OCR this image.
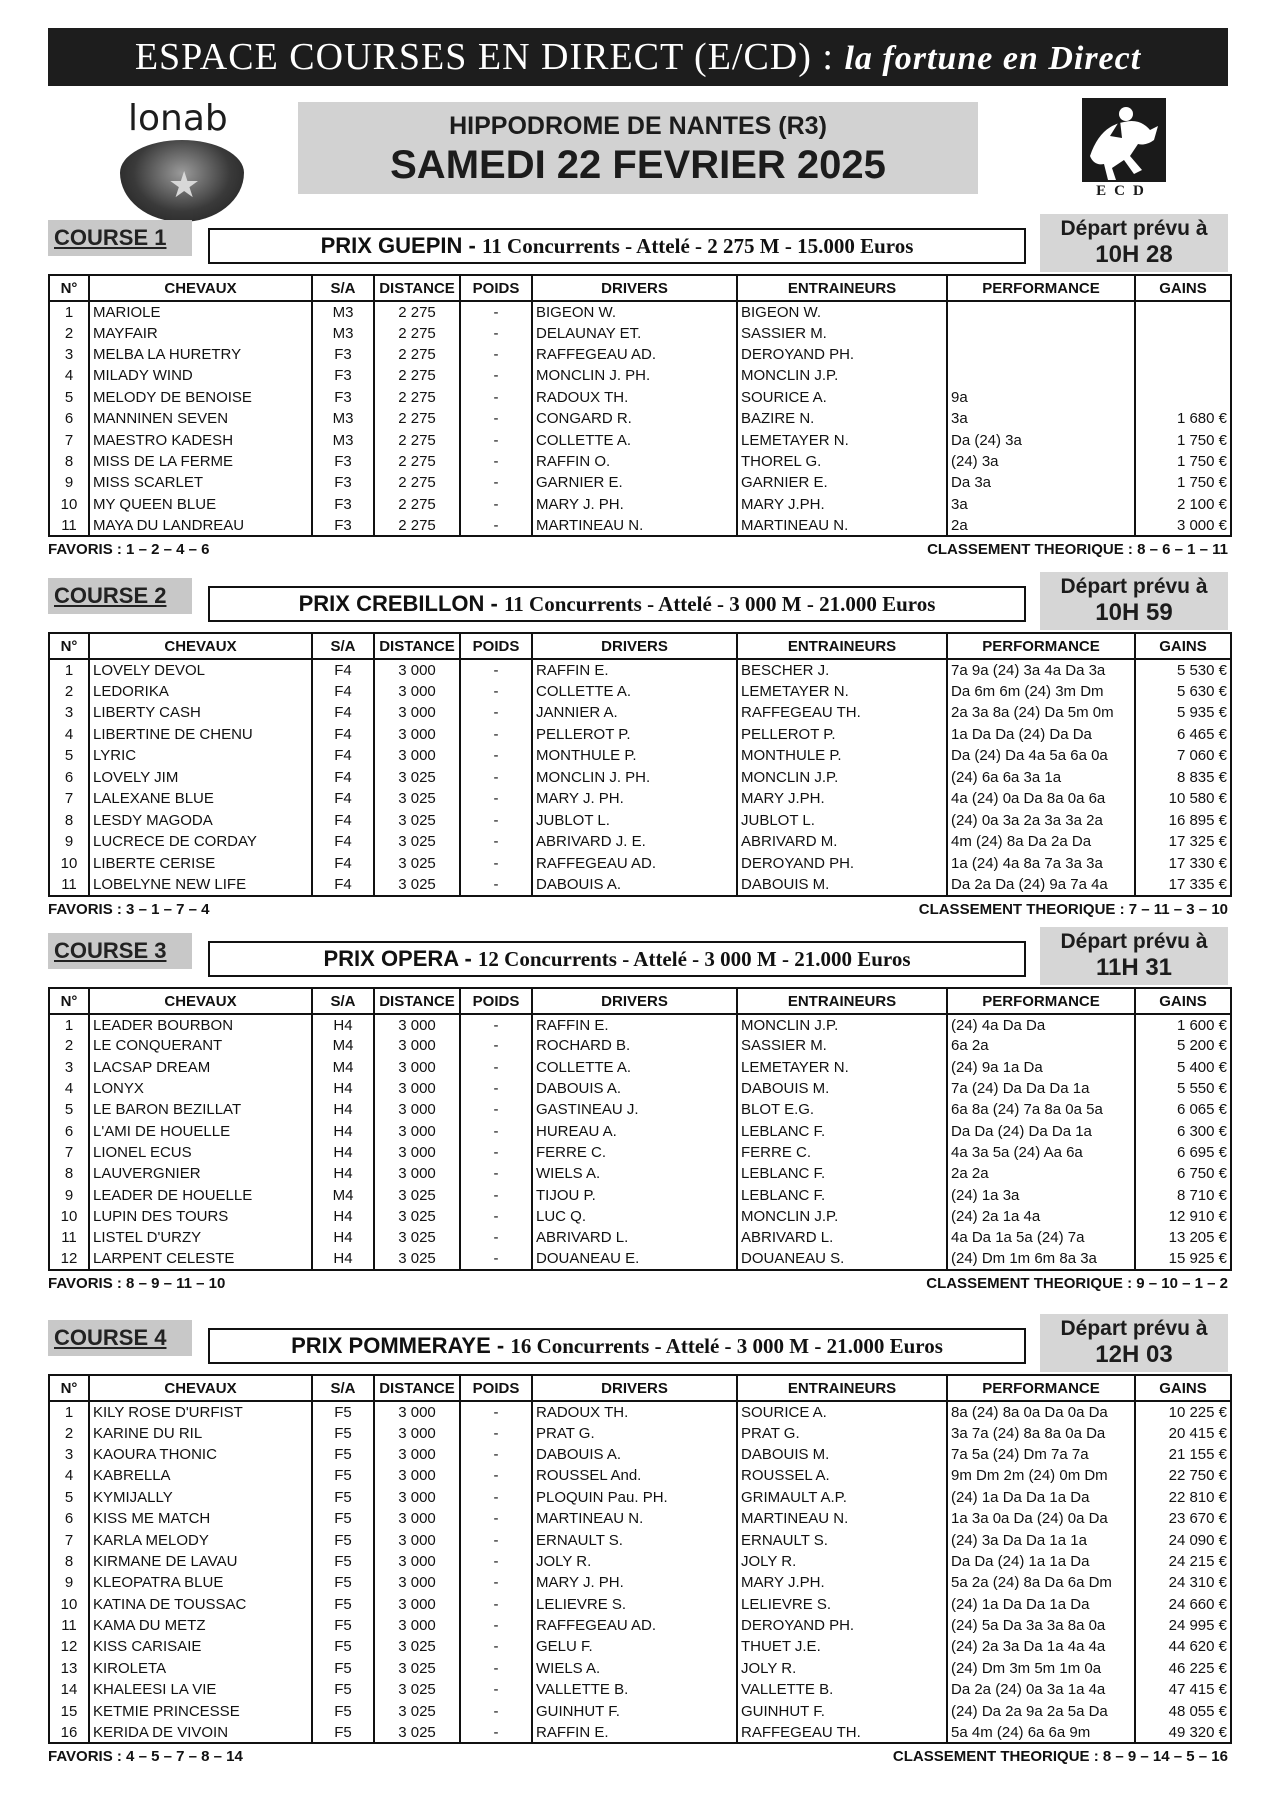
ESPACE COURSES EN DIRECT (E/CD) : la fortune en Direct
lonab
★
HIPPODROME DE NANTES (R3)
SAMEDI 22 FEVRIER 2025
ECD
COURSE 1	PRIX GUEPIN - 11 Concurrents - Attelé - 2 275 M - 15.000 Euros
Départ prévu à
10H 28
N°	CHEVAUX	S/A	DISTANCE	POIDS	DRIVERS	ENTRAINEURS	PERFORMANCE	GAINS
1	MARIOLE	M3	2 275	-	BIGEON W.	BIGEON W.		
2	MAYFAIR	M3	2 275	-	DELAUNAY ET.	SASSIER M.		
3	MELBA LA HURETRY	F3	2 275	-	RAFFEGEAU AD.	DEROYAND PH.		
4	MILADY WIND	F3	2 275	-	MONCLIN J. PH.	MONCLIN J.P.		
5	MELODY DE BENOISE	F3	2 275	-	RADOUX TH.	SOURICE A.	9a	
6	MANNINEN SEVEN	M3	2 275	-	CONGARD R.	BAZIRE N.	3a	1 680 €
7	MAESTRO KADESH	M3	2 275	-	COLLETTE A.	LEMETAYER N.	Da (24) 3a	1 750 €
8	MISS DE LA FERME	F3	2 275	-	RAFFIN O.	THOREL G.	(24) 3a	1 750 €
9	MISS SCARLET	F3	2 275	-	GARNIER E.	GARNIER E.	Da 3a	1 750 €
10	MY QUEEN BLUE	F3	2 275	-	MARY J. PH.	MARY J.PH.	3a	2 100 €
11	MAYA DU LANDREAU	F3	2 275	-	MARTINEAU N.	MARTINEAU N.	2a	3 000 €
FAVORIS : 1 – 2 – 4 – 6	CLASSEMENT THEORIQUE : 8 – 6 – 1 – 11
COURSE 2	PRIX CREBILLON - 11 Concurrents - Attelé - 3 000 M - 21.000 Euros
Départ prévu à
10H 59
N°	CHEVAUX	S/A	DISTANCE	POIDS	DRIVERS	ENTRAINEURS	PERFORMANCE	GAINS
1	LOVELY DEVOL	F4	3 000	-	RAFFIN E.	BESCHER J.	7a 9a (24) 3a 4a Da 3a	5 530 €
2	LEDORIKA	F4	3 000	-	COLLETTE A.	LEMETAYER N.	Da 6m 6m (24) 3m Dm	5 630 €
3	LIBERTY CASH	F4	3 000	-	JANNIER A.	RAFFEGEAU TH.	2a 3a 8a (24) Da 5m 0m	5 935 €
4	LIBERTINE DE CHENU	F4	3 000	-	PELLEROT P.	PELLEROT P.	1a Da Da (24) Da Da	6 465 €
5	LYRIC	F4	3 000	-	MONTHULE P.	MONTHULE P.	Da (24) Da 4a 5a 6a 0a	7 060 €
6	LOVELY JIM	F4	3 025	-	MONCLIN J. PH.	MONCLIN J.P.	(24) 6a 6a 3a 1a	8 835 €
7	LALEXANE BLUE	F4	3 025	-	MARY J. PH.	MARY J.PH.	4a (24) 0a Da 8a 0a 6a	10 580 €
8	LESDY MAGODA	F4	3 025	-	JUBLOT L.	JUBLOT L.	(24) 0a 3a 2a 3a 3a 2a	16 895 €
9	LUCRECE DE CORDAY	F4	3 025	-	ABRIVARD J. E.	ABRIVARD M.	4m (24) 8a Da 2a Da	17 325 €
10	LIBERTE CERISE	F4	3 025	-	RAFFEGEAU AD.	DEROYAND PH.	1a (24) 4a 8a 7a 3a 3a	17 330 €
11	LOBELYNE NEW LIFE	F4	3 025	-	DABOUIS A.	DABOUIS M.	Da 2a Da (24) 9a 7a 4a	17 335 €
FAVORIS : 3 – 1 – 7 – 4	CLASSEMENT THEORIQUE : 7 – 11 – 3 – 10
COURSE 3	PRIX OPERA - 12 Concurrents - Attelé - 3 000 M - 21.000 Euros
Départ prévu à
11H 31
N°	CHEVAUX	S/A	DISTANCE	POIDS	DRIVERS	ENTRAINEURS	PERFORMANCE	GAINS
1	LEADER BOURBON	H4	3 000	-	RAFFIN E.	MONCLIN J.P.	(24) 4a Da Da	1 600 €
2	LE CONQUERANT	M4	3 000	-	ROCHARD B.	SASSIER M.	6a 2a	5 200 €
3	LACSAP DREAM	M4	3 000	-	COLLETTE A.	LEMETAYER N.	(24) 9a 1a Da	5 400 €
4	LONYX	H4	3 000	-	DABOUIS A.	DABOUIS M.	7a (24) Da Da Da 1a	5 550 €
5	LE BARON BEZILLAT	H4	3 000	-	GASTINEAU J.	BLOT E.G.	6a 8a (24) 7a 8a 0a 5a	6 065 €
6	L'AMI DE HOUELLE	H4	3 000	-	HUREAU A.	LEBLANC F.	Da Da (24) Da Da 1a	6 300 €
7	LIONEL ECUS	H4	3 000	-	FERRE C.	FERRE C.	4a 3a 5a (24) Aa 6a	6 695 €
8	LAUVERGNIER	H4	3 000	-	WIELS A.	LEBLANC F.	2a 2a	6 750 €
9	LEADER DE HOUELLE	M4	3 025	-	TIJOU P.	LEBLANC F.	(24) 1a 3a	8 710 €
10	LUPIN DES TOURS	H4	3 025	-	LUC Q.	MONCLIN J.P.	(24) 2a 1a 4a	12 910 €
11	LISTEL D'URZY	H4	3 025	-	ABRIVARD L.	ABRIVARD L.	4a Da 1a 5a (24) 7a	13 205 €
12	LARPENT CELESTE	H4	3 025	-	DOUANEAU E.	DOUANEAU S.	(24) Dm 1m 6m 8a 3a	15 925 €
FAVORIS : 8 – 9 – 11 – 10	CLASSEMENT THEORIQUE : 9 – 10 – 1 – 2
COURSE 4	PRIX POMMERAYE - 16 Concurrents - Attelé - 3 000 M - 21.000 Euros
Départ prévu à
12H 03
N°	CHEVAUX	S/A	DISTANCE	POIDS	DRIVERS	ENTRAINEURS	PERFORMANCE	GAINS
1	KILY ROSE D'URFIST	F5	3 000	-	RADOUX TH.	SOURICE A.	8a (24) 8a 0a Da 0a Da	10 225 €
2	KARINE DU RIL	F5	3 000	-	PRAT G.	PRAT G.	3a 7a (24) 8a 8a 0a Da	20 415 €
3	KAOURA THONIC	F5	3 000	-	DABOUIS A.	DABOUIS M.	7a 5a (24) Dm 7a 7a	21 155 €
4	KABRELLA	F5	3 000	-	ROUSSEL And.	ROUSSEL A.	9m Dm 2m (24) 0m Dm	22 750 €
5	KYMIJALLY	F5	3 000	-	PLOQUIN Pau. PH.	GRIMAULT A.P.	(24) 1a Da Da 1a Da	22 810 €
6	KISS ME MATCH	F5	3 000	-	MARTINEAU N.	MARTINEAU N.	1a 3a 0a Da (24) 0a Da	23 670 €
7	KARLA MELODY	F5	3 000	-	ERNAULT S.	ERNAULT S.	(24) 3a Da Da 1a 1a	24 090 €
8	KIRMANE DE LAVAU	F5	3 000	-	JOLY R.	JOLY R.	Da Da (24) 1a 1a Da	24 215 €
9	KLEOPATRA BLUE	F5	3 000	-	MARY J. PH.	MARY J.PH.	5a 2a (24) 8a Da 6a Dm	24 310 €
10	KATINA DE TOUSSAC	F5	3 000	-	LELIEVRE S.	LELIEVRE S.	(24) 1a Da Da 1a Da	24 660 €
11	KAMA DU METZ	F5	3 000	-	RAFFEGEAU AD.	DEROYAND PH.	(24) 5a Da 3a 3a 8a 0a	24 995 €
12	KISS CARISAIE	F5	3 025	-	GELU F.	THUET J.E.	(24) 2a 3a Da 1a 4a 4a	44 620 €
13	KIROLETA	F5	3 025	-	WIELS A.	JOLY R.	(24) Dm 3m 5m 1m 0a	46 225 €
14	KHALEESI LA VIE	F5	3 025	-	VALLETTE B.	VALLETTE B.	Da 2a (24) 0a 3a 1a 4a	47 415 €
15	KETMIE PRINCESSE	F5	3 025	-	GUINHUT F.	GUINHUT F.	(24) Da 2a 9a 2a 5a Da	48 055 €
16	KERIDA DE VIVOIN	F5	3 025	-	RAFFIN E.	RAFFEGEAU TH.	5a 4m (24) 6a 6a 9m	49 320 €
FAVORIS : 4 – 5 – 7 – 8 – 14	CLASSEMENT THEORIQUE : 8 – 9 – 14 – 5 – 16
